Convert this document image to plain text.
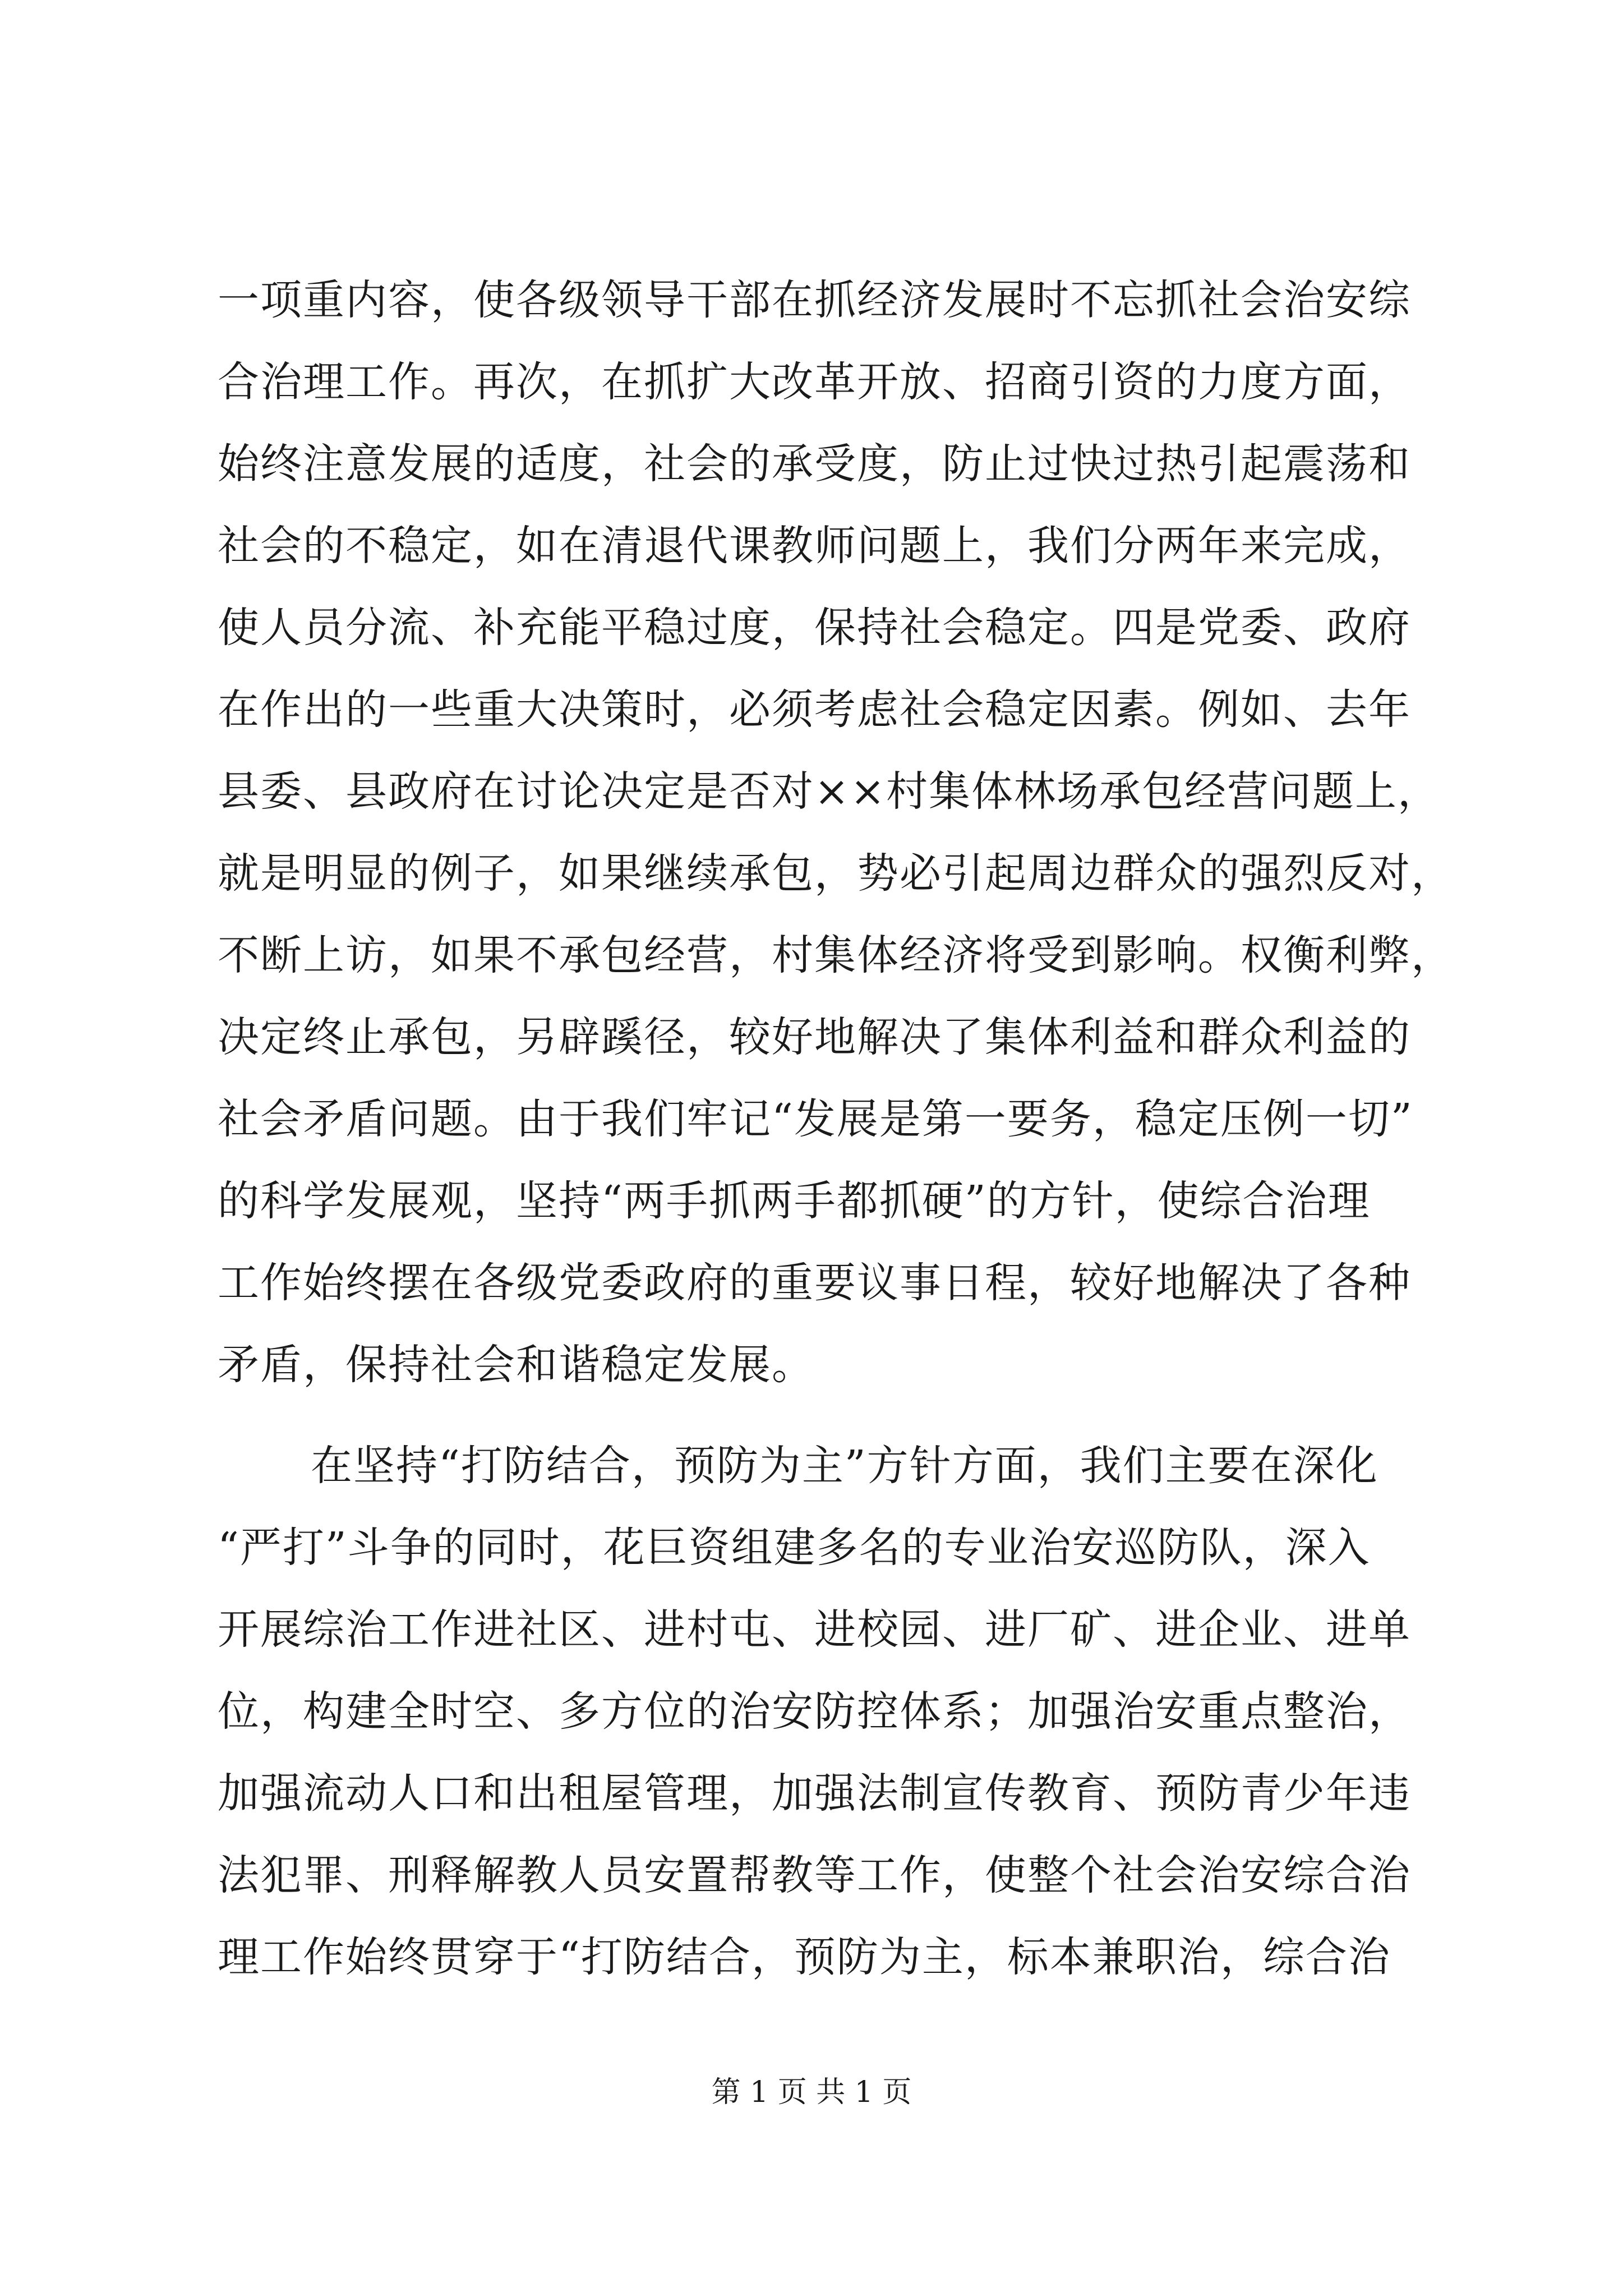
一项重内容，使各级领导干部在抓经济发展时不忘抓社会治安综
合治理工作。再次，在抓扩大改革开放、招商引资的力度方面，
始终注意发展的适度，社会的承受度，防止过快过热引起震荡和
社会的不稳定，如在清退代课教师问题上，我们分两年来完成，
使人员分流、补充能平稳过度，保持社会稳定。四是党委、政府
在作出的一些重大决策时，必须考虑社会稳定因素。例如、去年
县委、县政府在讨论决定是否对××村集体林场承包经营问题上，
就是明显的例子，如果继续承包，势必引起周边群众的强烈反对，
不断上访，如果不承包经营，村集体经济将受到影响。权衡利弊，
决定终止承包，另辟蹊径，较好地解决了集体利益和群众利益的
社会矛盾问题。由于我们牢记“发展是第一要务，稳定压例一切”
的科学发展观，坚持“两手抓两手都抓硬”的方针，使综合治理
工作始终摆在各级党委政府的重要议事日程，较好地解决了各种
矛盾，保持社会和谐稳定发展。
在坚持“打防结合，预防为主”方针方面，我们主要在深化
“严打”斗争的同时，花巨资组建多名的专业治安巡防队，深入
开展综治工作进社区、进村屯、进校园、进厂矿、进企业、进单
位，构建全时空、多方位的治安防控体系；加强治安重点整治，
加强流动人口和出租屋管理，加强法制宣传教育、预防青少年违
法犯罪、刑释解教人员安置帮教等工作，使整个社会治安综合治
理工作始终贯穿于“打防结合，预防为主，标本兼职治，综合治
第 1 页 共 1 页
